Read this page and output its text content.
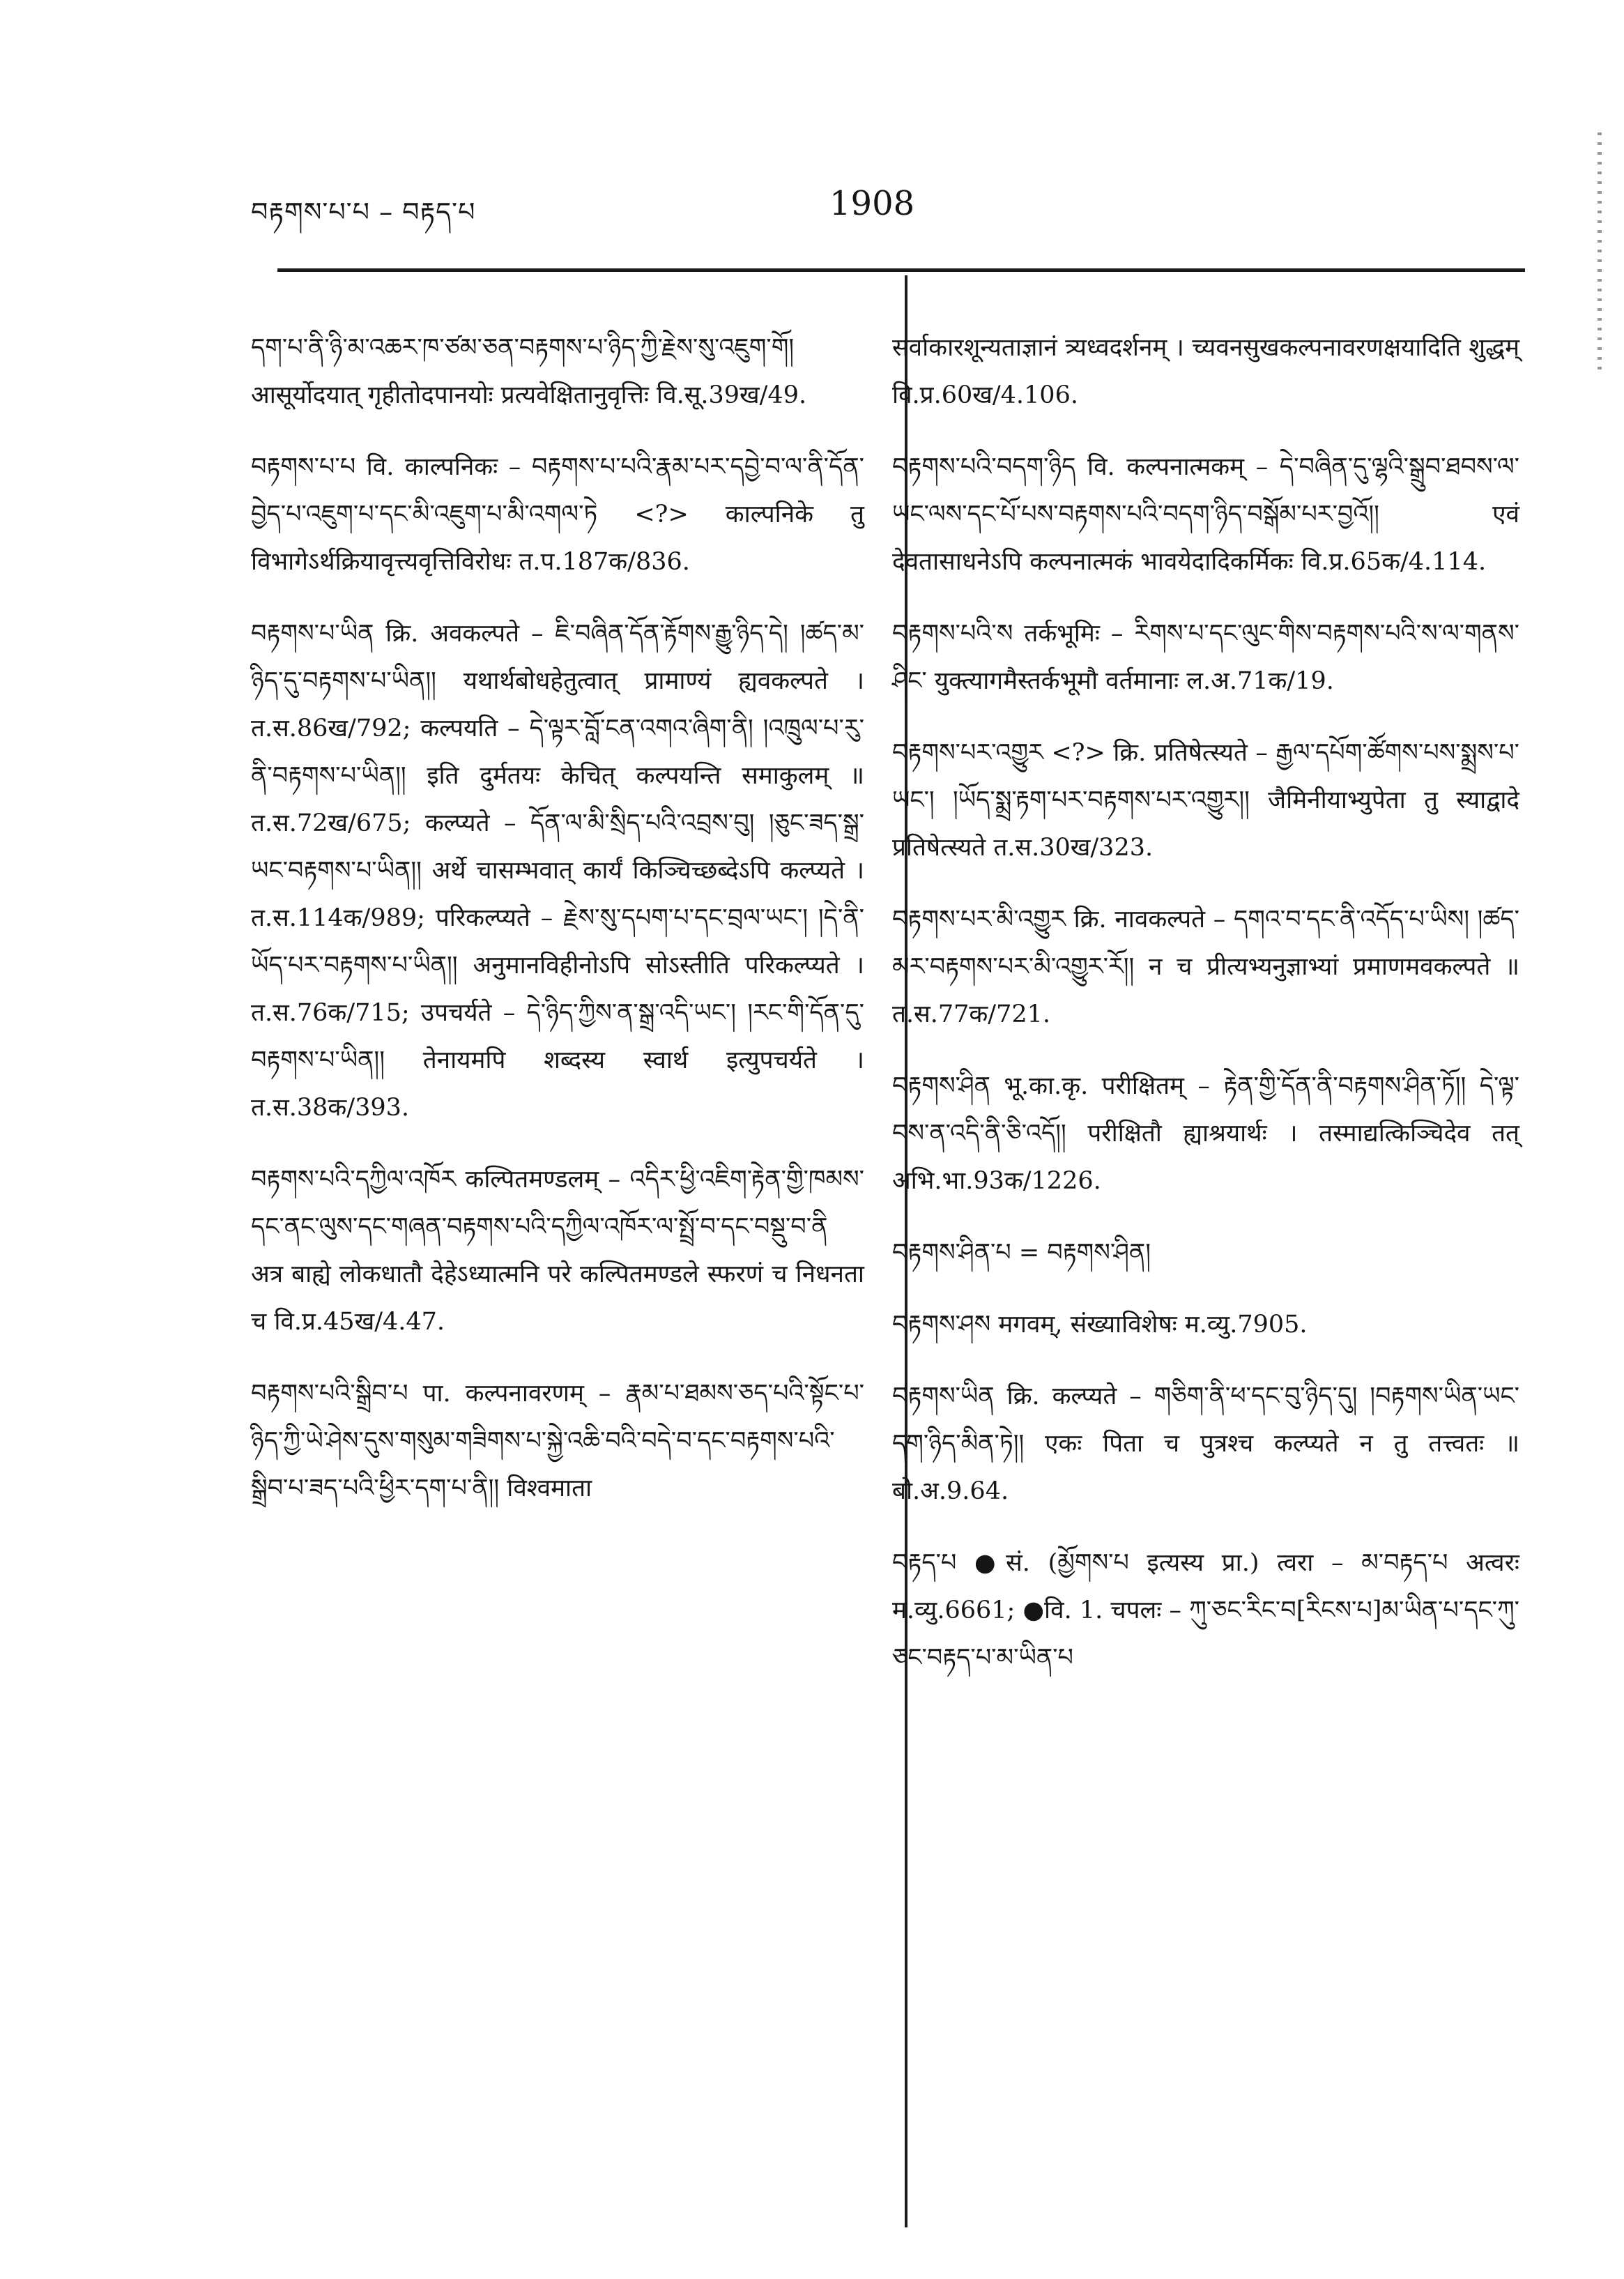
བརྟགས་པ་པ – བརྟད་པ	1908

དག་པ་ནི་ཉི་མ་འཆར་ཁ་ཙམ་ཅན་བརྟགས་པ་ཉིད་ཀྱི་རྗེས་སུ་འཇུག་གོ། आसूर्योदयात् गृहीतोदपानयोः प्रत्यवेक्षितानुवृत्तिः वि.सू.39ख/49.

བརྟགས་པ་པ वि. काल्पनिकः – བརྟགས་པ་པའི་རྣམ་པར་དབྱེ་བ་ལ་ནི་དོན་བྱེད་པ་འཇུག་པ་དང་མི་འཇུག་པ་མི་འགལ་ཏེ <?> काल्पनिके तु विभागेऽर्थक्रियावृत्त्यवृत्तिविरोधः त.प.187क/836.

བརྟགས་པ་ཡིན क्रि. अवकल्पते – ཇི་བཞིན་དོན་རྟོགས་རྒྱུ་ཉིད་དེ། །ཚད་མ་ཉིད་དུ་བརྟགས་པ་ཡིན།། यथार्थबोधहेतुत्वात् प्रामाण्यं ह्यवकल्पते । त.स.86ख/792; कल्पयति – དེ་ལྟར་བློ་ངན་འགའ་ཞིག་ནི། །འཁྲུལ་པ་རུ་ནི་བརྟགས་པ་ཡིན།། इति दुर्मतयः केचित् कल्पयन्ति समाकुलम् ॥ त.स.72ख/675; कल्प्यते – དོན་ལ་མི་སྲིད་པའི་འབྲས་བུ། །ཅུང་ཟད་སྒྲ་ཡང་བརྟགས་པ་ཡིན།། अर्थे चासम्भवात् कार्यं किञ्चिच्छब्देऽपि कल्प्यते । त.स.114क/989; परिकल्प्यते – རྗེས་སུ་དཔག་པ་དང་བྲལ་ཡང་། །དེ་ནི་ཡོད་པར་བརྟགས་པ་ཡིན།། अनुमानविहीनोऽपि सोऽस्तीति परिकल्प्यते । त.स.76क/715; उपचर्यते – དེ་ཉིད་ཀྱིས་ན་སྒྲ་འདི་ཡང་། །རང་གི་དོན་དུ་བརྟགས་པ་ཡིན།། तेनायमपि शब्दस्य स्वार्थ इत्युपचर्यते । त.स.38क/393.

བརྟགས་པའི་དཀྱིལ་འཁོར कल्पितमण्डलम् – འདིར་ཕྱི་འཇིག་རྟེན་གྱི་ཁམས་དང་ནང་ལུས་དང་གཞན་བརྟགས་པའི་དཀྱིལ་འཁོར་ལ་སྤྲོ་བ་དང་བསྡུ་བ་ནི अत्र बाह्ये लोकधातौ देहेऽध्यात्मनि परे कल्पितमण्डले स्फरणं च निधनता च वि.प्र.45ख/4.47.

བརྟགས་པའི་སྒྲིབ་པ पा. कल्पनावरणम् – རྣམ་པ་ཐམས་ཅད་པའི་སྟོང་པ་ཉིད་ཀྱི་ཡེ་ཤེས་དུས་གསུམ་གཟིགས་པ་སྐྱེ་འཆི་བའི་བདེ་བ་དང་བརྟགས་པའི་སྒྲིབ་པ་ཟད་པའི་ཕྱིར་དག་པ་ནི།། विश्वमाता

सर्वाकारशून्यताज्ञानं त्र्यध्वदर्शनम् । च्यवनसुखकल्पनावरणक्षयादिति शुद्धम् वि.प्र.60ख/4.106.

བརྟགས་པའི་བདག་ཉིད वि. कल्पनात्मकम् – དེ་བཞིན་དུ་ལྷའི་སྒྲུབ་ཐབས་ལ་ཡང་ལས་དང་པོ་པས་བརྟགས་པའི་བདག་ཉིད་བསྒོམ་པར་བྱའོ།། एवं देवतासाधनेऽपि कल्पनात्मकं भावयेदादिकर्मिकः वि.प्र.65क/4.114.

བརྟགས་པའི་ས तर्कभूमिः – རིགས་པ་དང་ལུང་གིས་བརྟགས་པའི་ས་ལ་གནས་ཤིང་ युक्त्यागमैस्तर्कभूमौ वर्तमानाः ल.अ.71क/19.

བརྟགས་པར་འགྱུར <?> क्रि. प्रतिषेत्स्यते – རྒྱལ་དཔོག་ཚོགས་པས་སྨྲས་པ་ཡང་། །ཡོད་སྨྲ་རྟག་པར་བརྟགས་པར་འགྱུར།། जैमिनीयाभ्युपेता तु स्याद्वादे प्रतिषेत्स्यते त.स.30ख/323.

བརྟགས་པར་མི་འགྱུར क्रि. नावकल्पते – དགའ་བ་དང་ནི་འདོད་པ་ཡིས། །ཚད་མར་བརྟགས་པར་མི་འགྱུར་རོ།། न च प्रीत्यभ्यनुज्ञाभ्यां प्रमाणमवकल्पते ॥ त.स.77क/721.

བརྟགས་ཤིན भू.का.कृ. परीक्षितम् – རྟེན་གྱི་དོན་ནི་བརྟགས་ཤིན་ཏོ།། དེ་ལྟ་བས་ན་འདི་ནི་ཅི་འདོ།། परीक्षितौ ह्याश्रयार्थः । तस्माद्यत्किञ्चिदेव तत् अभि.भा.93क/1226.

བརྟགས་ཤིན་པ = བརྟགས་ཤིན།

བརྟགས་ཤས मगवम्, संख्याविशेषः म.व्यु.7905.

བརྟགས་ཡིན क्रि. कल्प्यते – གཅིག་ནི་ཕ་དང་བུ་ཉིད་དུ། །བརྟགས་ཡིན་ཡང་དག་ཉིད་མིན་ཏེ།། एकः पिता च पुत्रश्च कल्प्यते न तु तत्त्वतः ॥ बो.अ.9.64.

བརྟད་པ ●सं. (མྱོགས་པ इत्यस्य प्रा.) त्वरा – མ་བརྟད་པ अत्वरः म.व्यु.6661; ●वि. 1. चपलः – ཀུ་ཅང་རིང་བ[རིངས་པ]མ་ཡིན་པ་དང་ཀུ་ཅང་བརྟད་པ་མ་ཡིན་པ
